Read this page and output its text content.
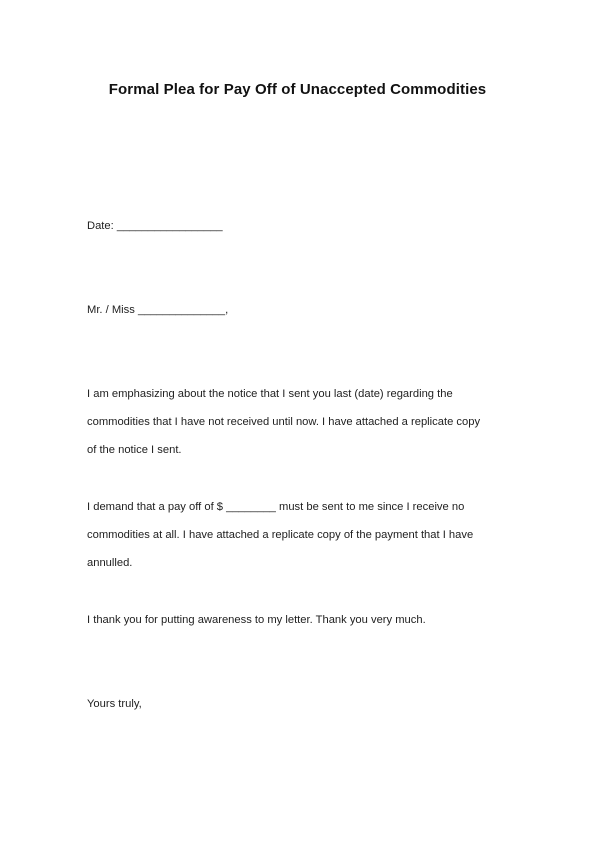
Formal Plea for Pay Off of Unaccepted Commodities

Date: _________________

Mr. / Miss ______________,

I am emphasizing about the notice that I sent you last (date) regarding the

commodities that I have not received until now. I have attached a replicate copy

of the notice I sent.

I demand that a pay off of $ ________ must be sent to me since I receive no

commodities at all. I have attached a replicate copy of the payment that I have

annulled.

I thank you for putting awareness to my letter. Thank you very much.

Yours truly,
